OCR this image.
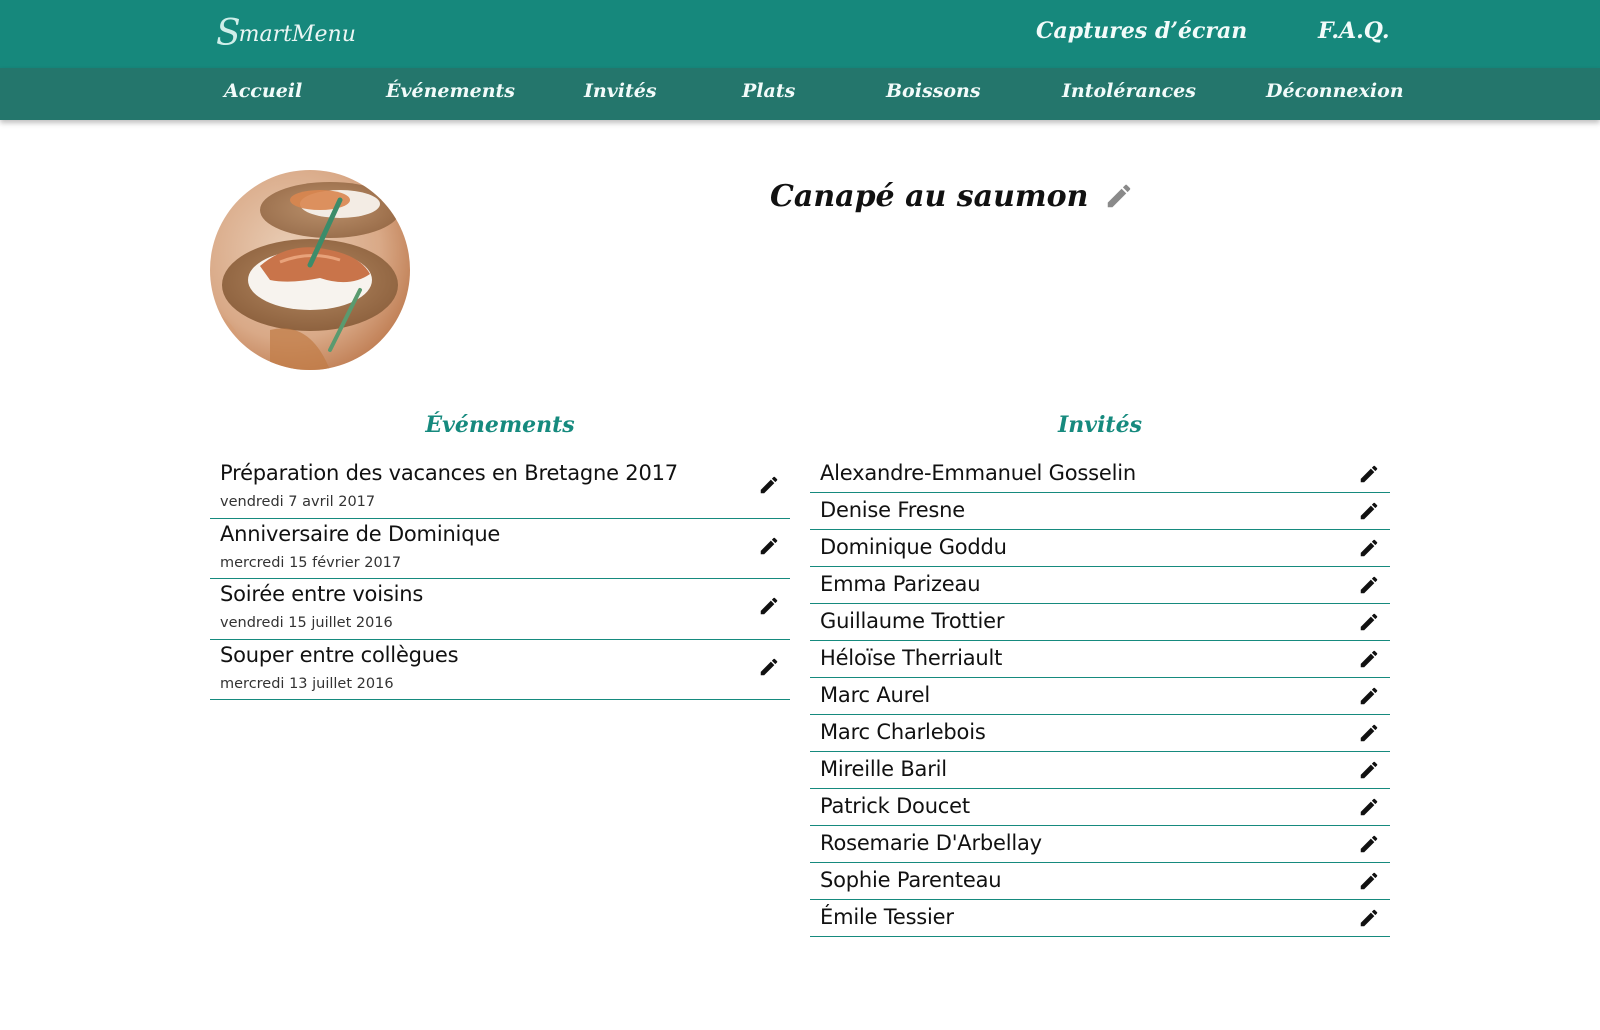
S
martMenu	Captures d’écran	F.A.Q.
Accueil	Événements	Invités	Plats	Boissons	Intolérances	Déconnexion
Canapé au saumon
Événements	Invités
Préparation des vacances en Bretagne 2017
vendredi 7 avril 2017
Anniversaire de Dominique
mercredi 15 février 2017
Soirée entre voisins
vendredi 15 juillet 2016
Souper entre collègues
mercredi 13 juillet 2016
Alexandre-Emmanuel Gosselin
Denise Fresne
Dominique Goddu
Emma Parizeau
Guillaume Trottier
Héloïse Therriault
Marc Aurel
Marc Charlebois
Mireille Baril
Patrick Doucet
Rosemarie D'Arbellay
Sophie Parenteau
Émile Tessier
